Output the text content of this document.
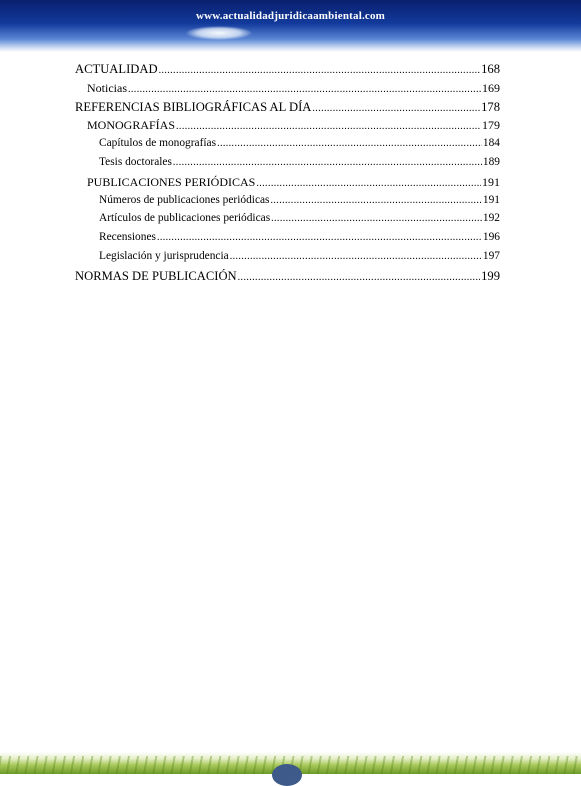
www.actualidadjuridicaambiental.com
ACTUALIDAD .....	168
Noticias .....	169
REFERENCIAS BIBLIOGRÁFICAS AL DÍA .....	178
MONOGRAFÍAS .....	179
Capítulos de monografías .....	184
Tesis doctorales .....	189
PUBLICACIONES PERIÓDICAS .....	191
Números de publicaciones periódicas .....	191
Artículos de publicaciones periódicas .....	192
Recensiones .....	196
Legislación y jurisprudencia .....	197
NORMAS DE PUBLICACIÓN .....	199
